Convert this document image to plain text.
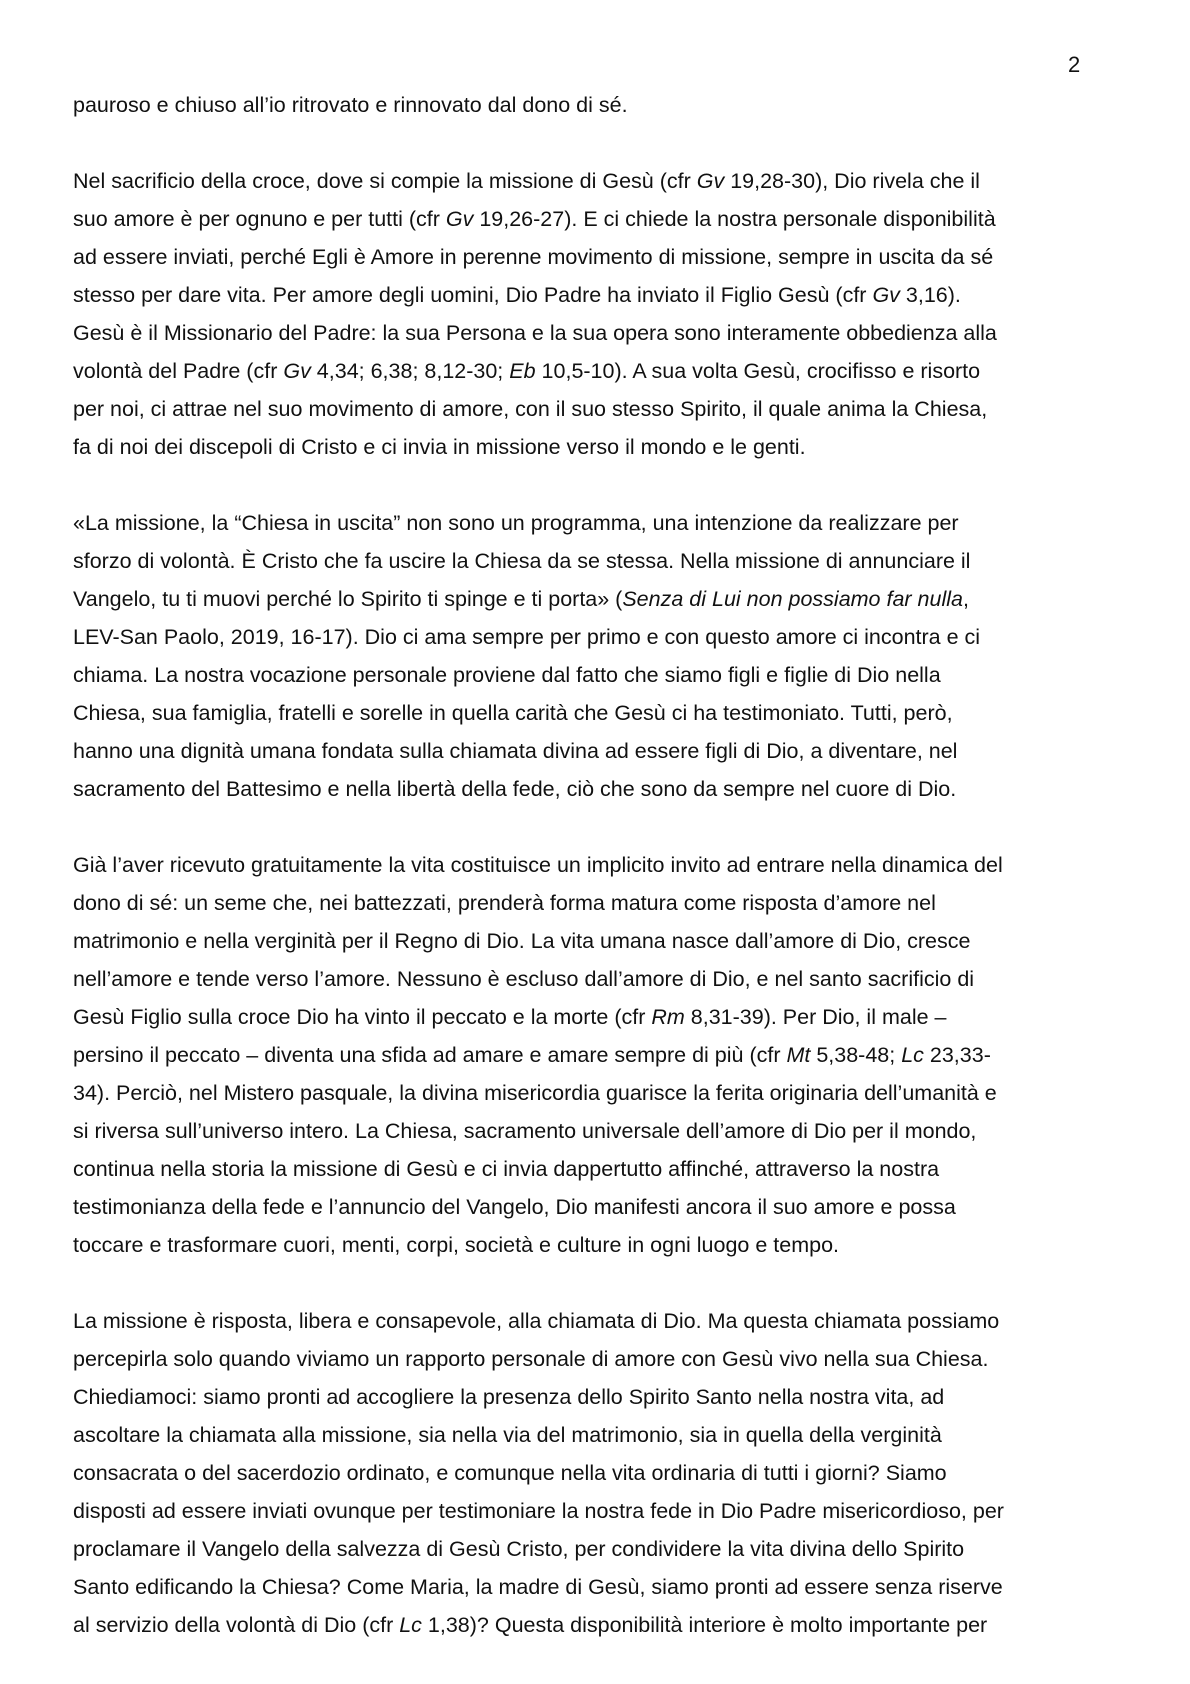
2
pauroso e chiuso all’io ritrovato e rinnovato dal dono di sé.
Nel sacrificio della croce, dove si compie la missione di Gesù (cfr Gv 19,28-30), Dio rivela che il
suo amore è per ognuno e per tutti (cfr Gv 19,26-27). E ci chiede la nostra personale disponibilità
ad essere inviati, perché Egli è Amore in perenne movimento di missione, sempre in uscita da sé
stesso per dare vita. Per amore degli uomini, Dio Padre ha inviato il Figlio Gesù (cfr Gv 3,16).
Gesù è il Missionario del Padre: la sua Persona e la sua opera sono interamente obbedienza alla
volontà del Padre (cfr Gv 4,34; 6,38; 8,12-30; Eb 10,5-10). A sua volta Gesù, crocifisso e risorto
per noi, ci attrae nel suo movimento di amore, con il suo stesso Spirito, il quale anima la Chiesa,
fa di noi dei discepoli di Cristo e ci invia in missione verso il mondo e le genti.
«La missione, la “Chiesa in uscita” non sono un programma, una intenzione da realizzare per
sforzo di volontà. È Cristo che fa uscire la Chiesa da se stessa. Nella missione di annunciare il
Vangelo, tu ti muovi perché lo Spirito ti spinge e ti porta» (Senza di Lui non possiamo far nulla,
LEV-San Paolo, 2019, 16-17). Dio ci ama sempre per primo e con questo amore ci incontra e ci
chiama. La nostra vocazione personale proviene dal fatto che siamo figli e figlie di Dio nella
Chiesa, sua famiglia, fratelli e sorelle in quella carità che Gesù ci ha testimoniato. Tutti, però,
hanno una dignità umana fondata sulla chiamata divina ad essere figli di Dio, a diventare, nel
sacramento del Battesimo e nella libertà della fede, ciò che sono da sempre nel cuore di Dio.
Già l’aver ricevuto gratuitamente la vita costituisce un implicito invito ad entrare nella dinamica del
dono di sé: un seme che, nei battezzati, prenderà forma matura come risposta d’amore nel
matrimonio e nella verginità per il Regno di Dio. La vita umana nasce dall’amore di Dio, cresce
nell’amore e tende verso l’amore. Nessuno è escluso dall’amore di Dio, e nel santo sacrificio di
Gesù Figlio sulla croce Dio ha vinto il peccato e la morte (cfr Rm 8,31-39). Per Dio, il male –
persino il peccato – diventa una sfida ad amare e amare sempre di più (cfr Mt 5,38-48; Lc 23,33-
34). Perciò, nel Mistero pasquale, la divina misericordia guarisce la ferita originaria dell’umanità e
si riversa sull’universo intero. La Chiesa, sacramento universale dell’amore di Dio per il mondo,
continua nella storia la missione di Gesù e ci invia dappertutto affinché, attraverso la nostra
testimonianza della fede e l’annuncio del Vangelo, Dio manifesti ancora il suo amore e possa
toccare e trasformare cuori, menti, corpi, società e culture in ogni luogo e tempo.
La missione è risposta, libera e consapevole, alla chiamata di Dio. Ma questa chiamata possiamo
percepirla solo quando viviamo un rapporto personale di amore con Gesù vivo nella sua Chiesa.
Chiediamoci: siamo pronti ad accogliere la presenza dello Spirito Santo nella nostra vita, ad
ascoltare la chiamata alla missione, sia nella via del matrimonio, sia in quella della verginità
consacrata o del sacerdozio ordinato, e comunque nella vita ordinaria di tutti i giorni? Siamo
disposti ad essere inviati ovunque per testimoniare la nostra fede in Dio Padre misericordioso, per
proclamare il Vangelo della salvezza di Gesù Cristo, per condividere la vita divina dello Spirito
Santo edificando la Chiesa? Come Maria, la madre di Gesù, siamo pronti ad essere senza riserve
al servizio della volontà di Dio (cfr Lc 1,38)? Questa disponibilità interiore è molto importante per
